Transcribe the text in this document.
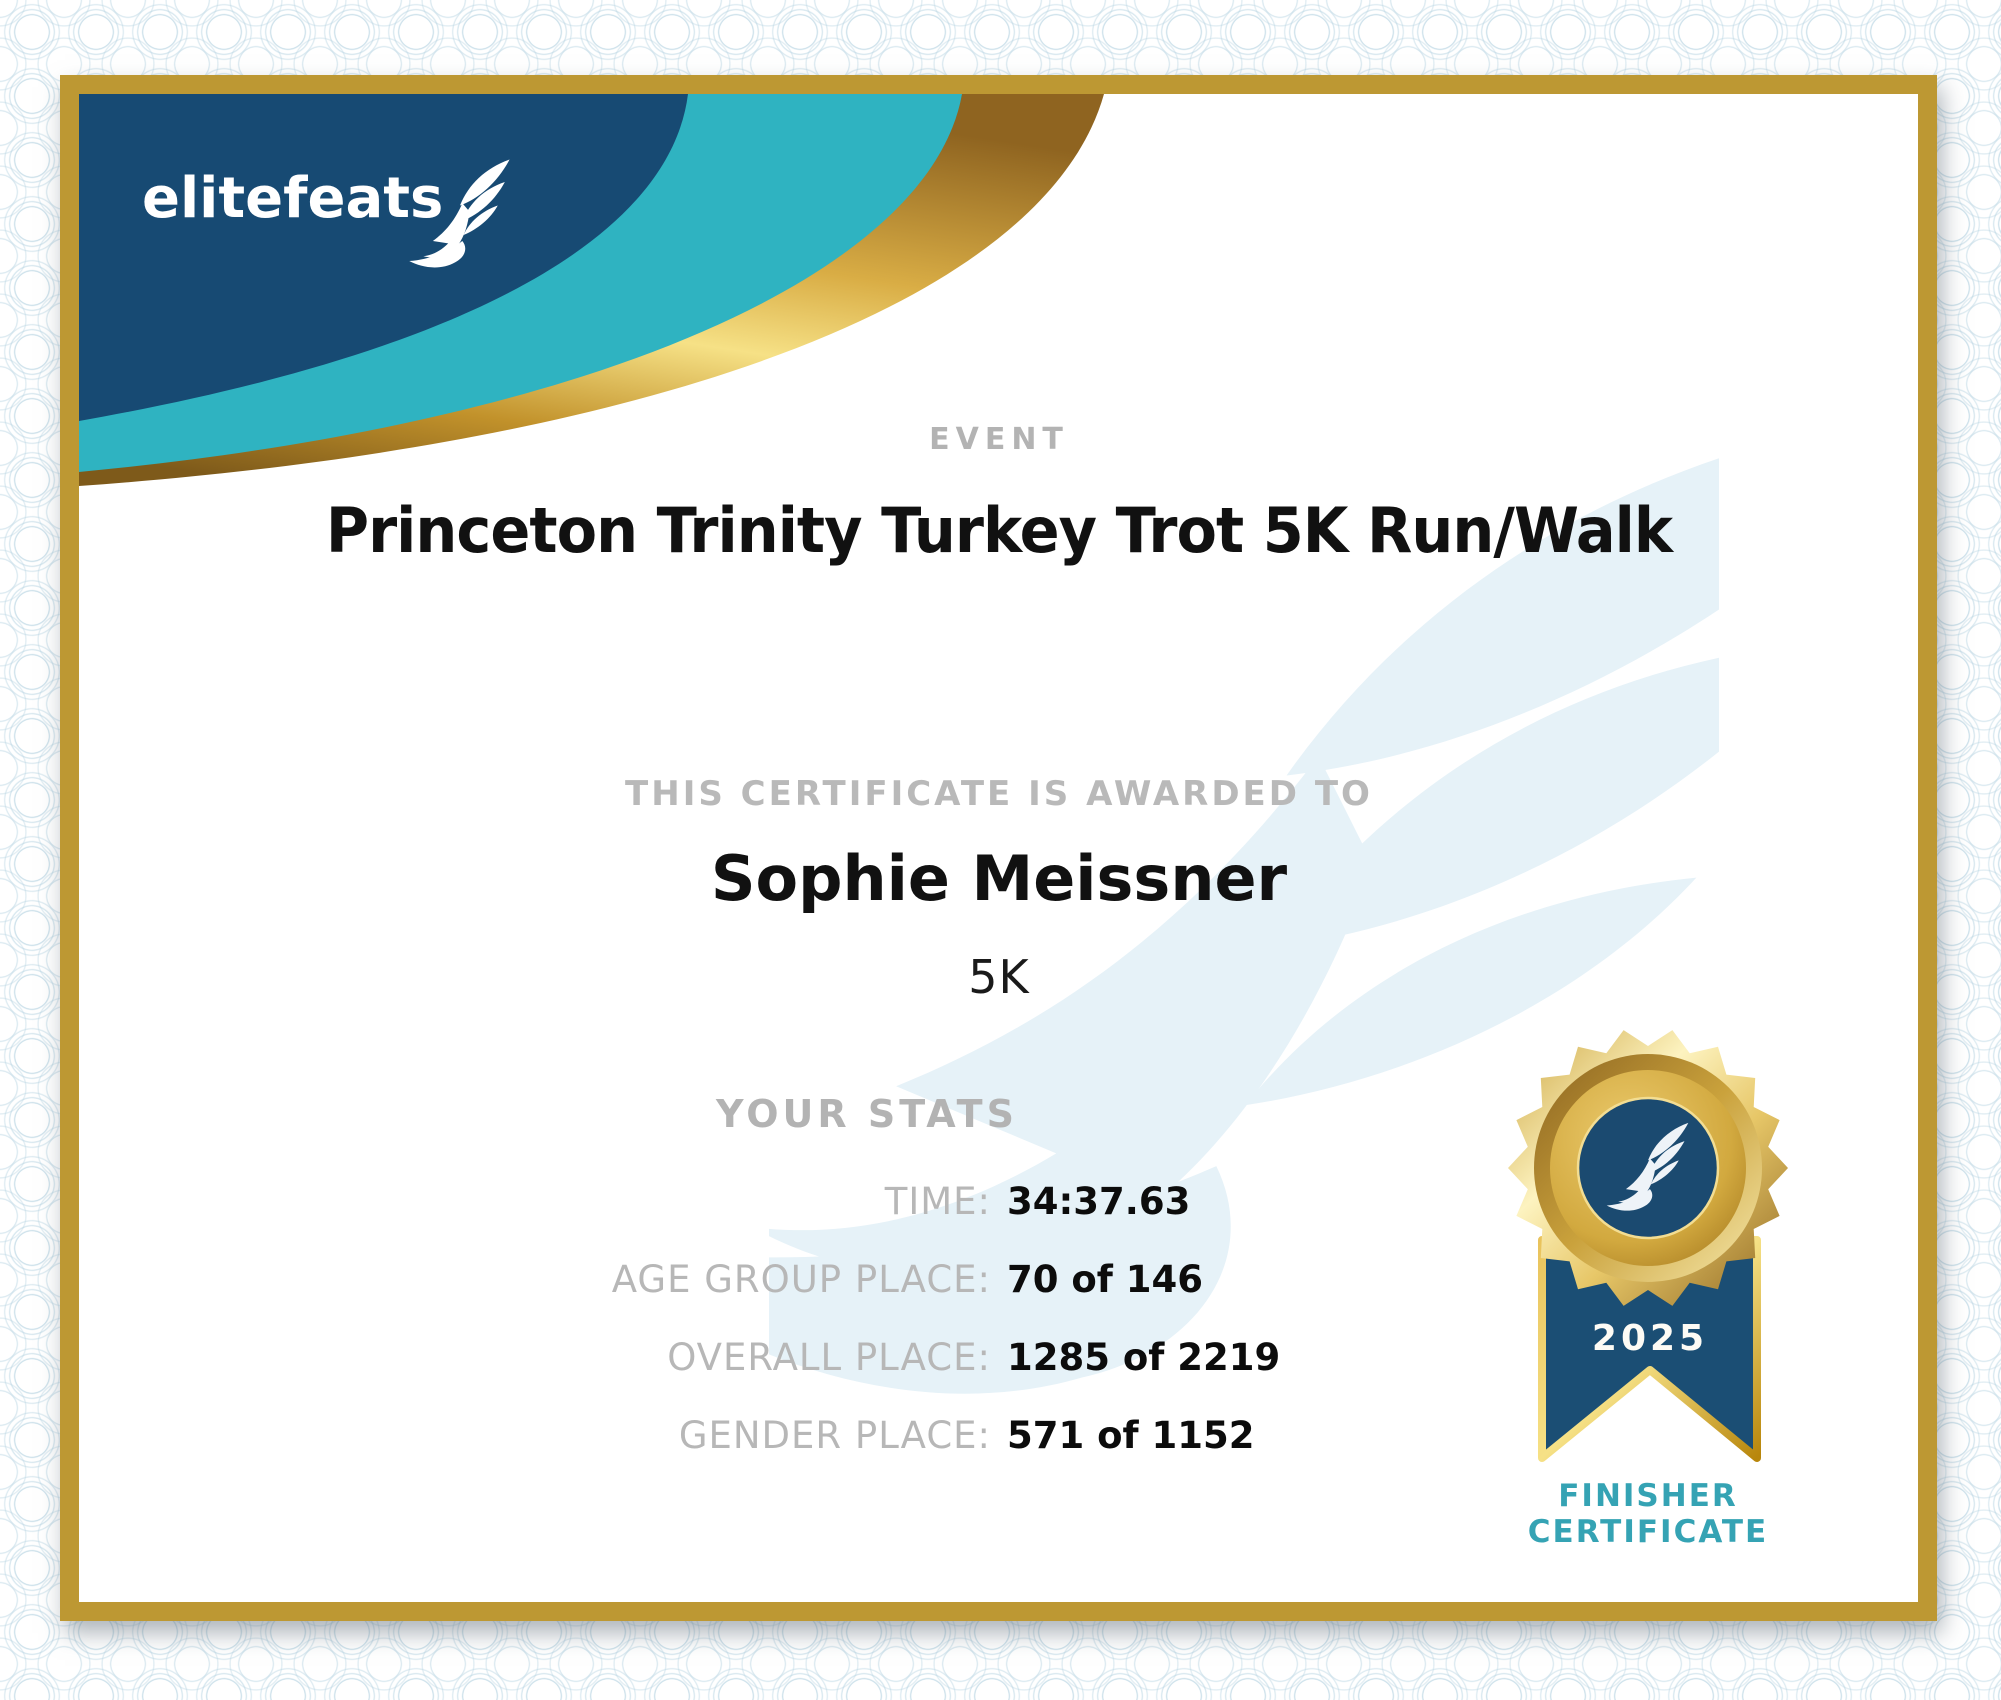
elitefeats
EVENT
Princeton Trinity Turkey Trot 5K Run/Walk
THIS CERTIFICATE IS AWARDED TO
Sophie Meissner
5K
YOUR STATS
TIME: 34:37.63
AGE GROUP PLACE: 70 of 146
OVERALL PLACE: 1285 of 2219
GENDER PLACE: 571 of 1152
2025
FINISHER
CERTIFICATE
